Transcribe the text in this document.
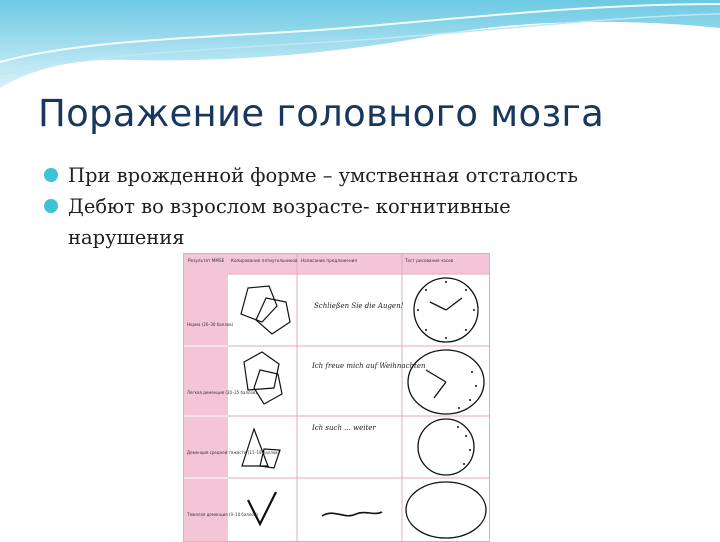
Поражение головного мозга
При врожденной форме – умственная отсталость
Дебют во взрослом возрасте- когнитивные нарушения
Результат MMSE Копирование пятиугольников Написание предложения	Тест рисования часов
Норма (26–30 баллов)
Легкая деменция (20–25 баллов)
Деменция средней тяжести (11–19 баллов)
Тяжелая деменция (0–10 баллов)
Schließen Sie die Augen!
Ich freue mich auf Weihnachten
Ich such ... weiter
